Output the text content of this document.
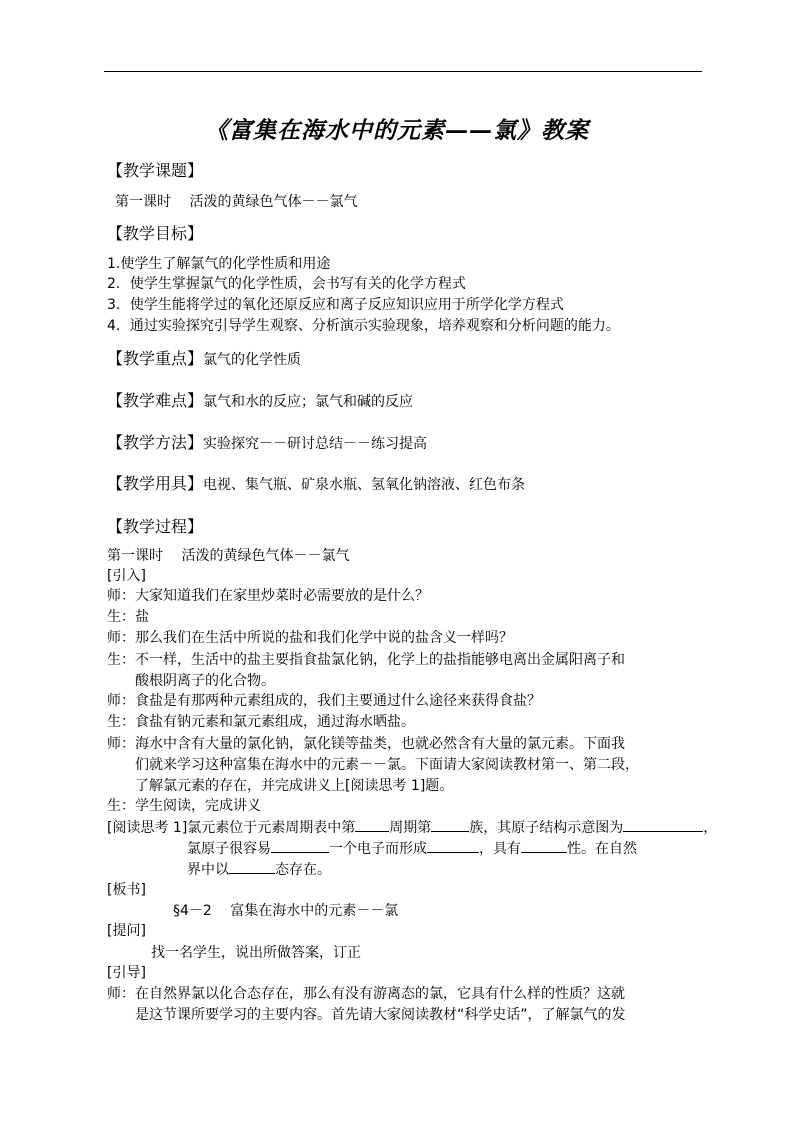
《富集在海水中的元素——氯》教案
【教学课题】
第一课时　 活泼的黄绿色气体－－氯气
【教学目标】
1.使学生了解氯气的化学性质和用途
2．使学生掌握氯气的化学性质，会书写有关的化学方程式
3．使学生能将学过的氧化还原反应和离子反应知识应用于所学化学方程式
4．通过实验探究引导学生观察、分析演示实验现象，培养观察和分析问题的能力。
【教学重点】氯气的化学性质
【教学难点】氯气和水的反应；氯气和碱的反应
【教学方法】实验探究－－研讨总结－－练习提高
【教学用具】电视、集气瓶、矿泉水瓶、氢氧化钠溶液、红色布条
【教学过程】
第一课时　 活泼的黄绿色气体－－氯气
[引入]
师：大家知道我们在家里炒菜时必需要放的是什么？
生：盐
师：那么我们在生活中所说的盐和我们化学中说的盐含义一样吗？
生：不一样，生活中的盐主要指食盐氯化钠，化学上的盐指能够电离出金属阳离子和
酸根阴离子的化合物。
师：食盐是有那两种元素组成的，我们主要通过什么途径来获得食盐？
生：食盐有钠元素和氯元素组成，通过海水晒盐。
师：海水中含有大量的氯化钠，氯化镁等盐类，也就必然含有大量的氯元素。下面我
们就来学习这种富集在海水中的元素－－氯。下面请大家阅读教材第一、第二段，
了解氯元素的存在，并完成讲义上[阅读思考 1]题。
生：学生阅读，完成讲义
[阅读思考 1]氯元素位于元素周期表中第 周期第	族，其原子结构示意图为	，
氯原子很容易	一个电子而形成	，具有	性。在自然
界中以	态存在。
[板书]
§4－2　 富集在海水中的元素－－氯
[提问]
找一名学生，说出所做答案，订正
[引导]
师：在自然界氯以化合态存在，那么有没有游离态的氯，它具有什么样的性质？这就
是这节课所要学习的主要内容。首先请大家阅读教材“科学史话”，了解氯气的发
